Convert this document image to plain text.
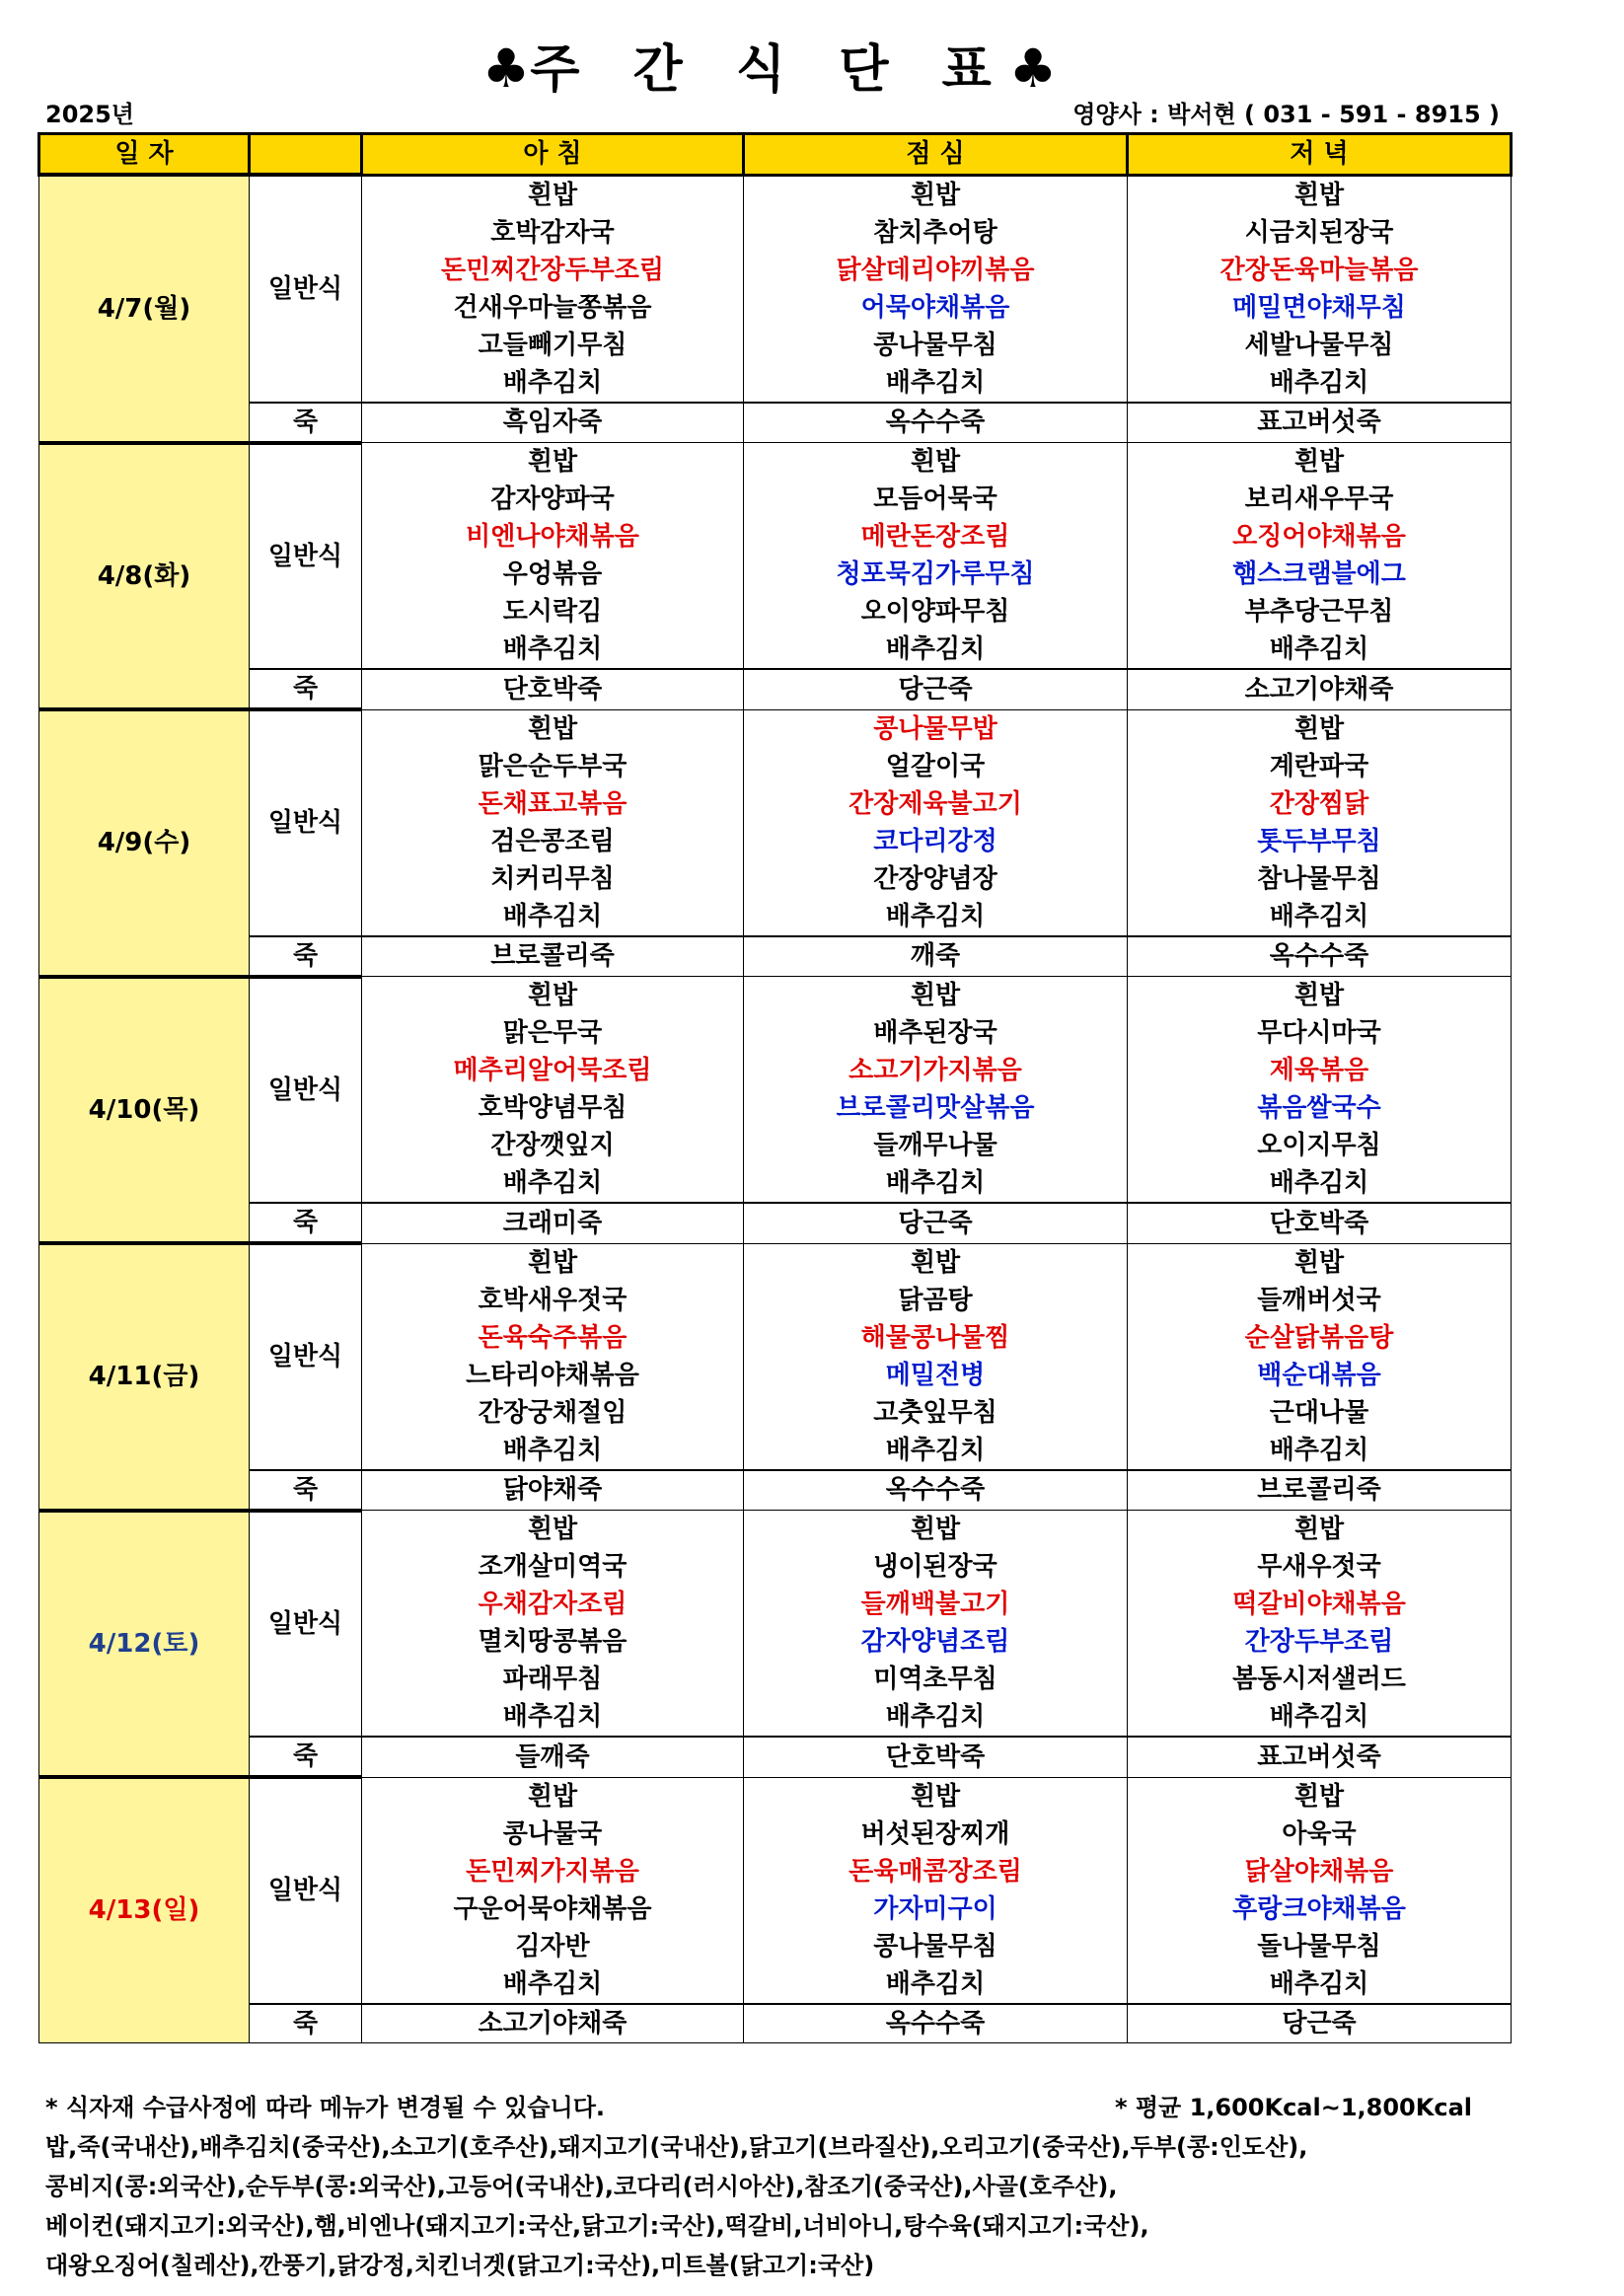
♣주 간 식 단 표♣
2025년	영양사 : 박서현 ( 031 - 591 - 8915 )
일 자		아 침	점 심	저 녁
4/7(월)	일반식	흰밥	흰밥	흰밥
		호박감자국	참치추어탕	시금치된장국
		돈민찌간장두부조림	닭살데리야끼볶음	간장돈육마늘볶음
		건새우마늘쫑볶음	어묵야채볶음	메밀면야채무침
		고들빼기무침	콩나물무침	세발나물무침
		배추김치	배추김치	배추김치
	죽	흑임자죽	옥수수죽	표고버섯죽
4/8(화)	일반식	흰밥	흰밥	흰밥
		감자양파국	모듬어묵국	보리새우무국
		비엔나야채볶음	메란돈장조림	오징어야채볶음
		우엉볶음	청포묵김가루무침	햄스크램블에그
		도시락김	오이양파무침	부추당근무침
		배추김치	배추김치	배추김치
	죽	단호박죽	당근죽	소고기야채죽
4/9(수)	일반식	흰밥	콩나물무밥	흰밥
		맑은순두부국	얼갈이국	계란파국
		돈채표고볶음	간장제육불고기	간장찜닭
		검은콩조림	코다리강정	톳두부무침
		치커리무침	간장양념장	참나물무침
		배추김치	배추김치	배추김치
	죽	브로콜리죽	깨죽	옥수수죽
4/10(목)	일반식	흰밥	흰밥	흰밥
		맑은무국	배추된장국	무다시마국
		메추리알어묵조림	소고기가지볶음	제육볶음
		호박양념무침	브로콜리맛살볶음	볶음쌀국수
		간장깻잎지	들깨무나물	오이지무침
		배추김치	배추김치	배추김치
	죽	크래미죽	당근죽	단호박죽
4/11(금)	일반식	흰밥	흰밥	흰밥
		호박새우젓국	닭곰탕	들깨버섯국
		돈육숙주볶음	해물콩나물찜	순살닭볶음탕
		느타리야채볶음	메밀전병	백순대볶음
		간장궁채절임	고춧잎무침	근대나물
		배추김치	배추김치	배추김치
	죽	닭야채죽	옥수수죽	브로콜리죽
4/12(토)	일반식	흰밥	흰밥	흰밥
		조개살미역국	냉이된장국	무새우젓국
		우채감자조림	들깨백불고기	떡갈비야채볶음
		멸치땅콩볶음	감자양념조림	간장두부조림
		파래무침	미역초무침	봄동시저샐러드
		배추김치	배추김치	배추김치
	죽	들깨죽	단호박죽	표고버섯죽
4/13(일)	일반식	흰밥	흰밥	흰밥
		콩나물국	버섯된장찌개	아욱국
		돈민찌가지볶음	돈육매콤장조림	닭살야채볶음
		구운어묵야채볶음	가자미구이	후랑크야채볶음
		김자반	콩나물무침	돌나물무침
		배추김치	배추김치	배추김치
	죽	소고기야채죽	옥수수죽	당근죽
* 식자재 수급사정에 따라 메뉴가 변경될 수 있습니다.	* 평균 1,600Kcal~1,800Kcal
밥,죽(국내산),배추김치(중국산),소고기(호주산),돼지고기(국내산),닭고기(브라질산),오리고기(중국산),두부(콩:인도산),
콩비지(콩:외국산),순두부(콩:외국산),고등어(국내산),코다리(러시아산),참조기(중국산),사골(호주산),
베이컨(돼지고기:외국산),햄,비엔나(돼지고기:국산,닭고기:국산),떡갈비,너비아니,탕수육(돼지고기:국산),
대왕오징어(칠레산),깐풍기,닭강정,치킨너겟(닭고기:국산),미트볼(닭고기:국산)
